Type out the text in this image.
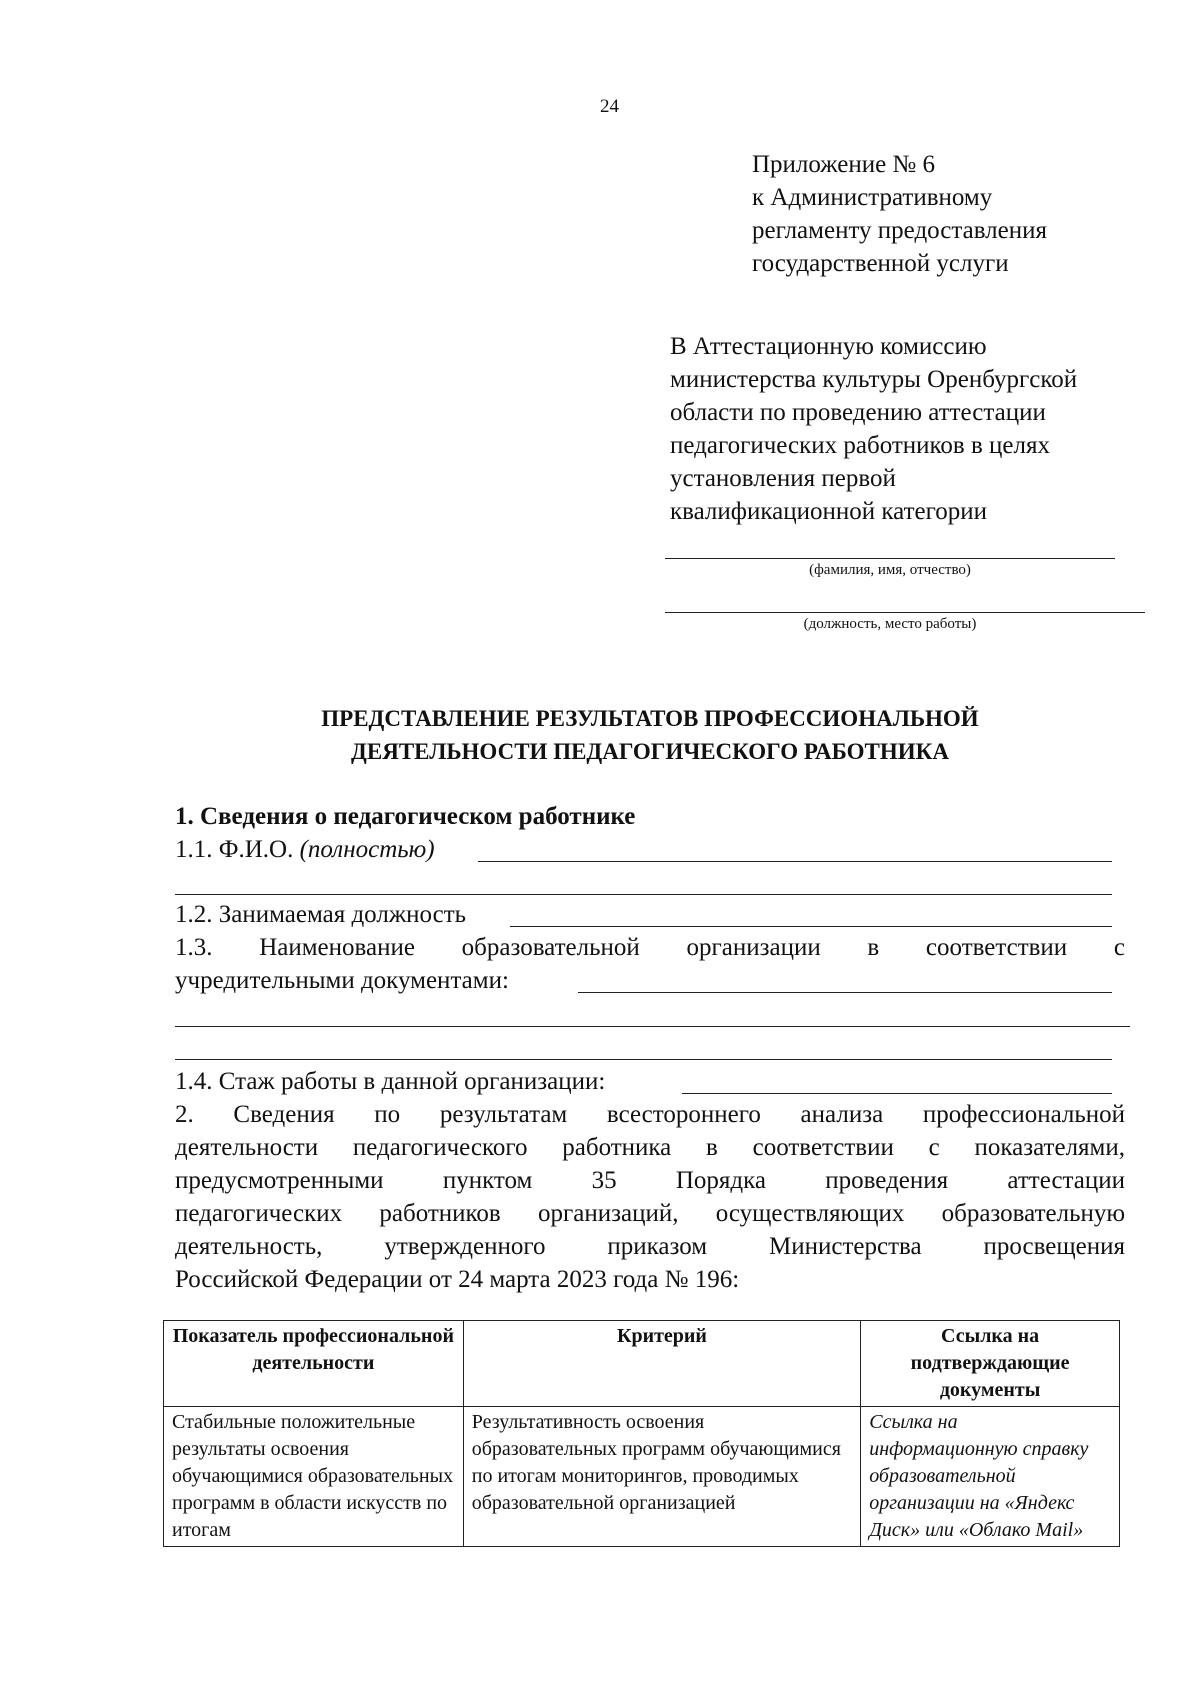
24
Приложение № 6
к Административному
регламенту предоставления
государственной услуги
В Аттестационную комиссию
министерства культуры Оренбургской
области по проведению аттестации
педагогических работников в целях
установления первой
квалификационной категории
(фамилия, имя, отчество)
(должность, место работы)
ПРЕДСТАВЛЕНИЕ РЕЗУЛЬТАТОВ ПРОФЕССИОНАЛЬНОЙ
ДЕЯТЕЛЬНОСТИ ПЕДАГОГИЧЕСКОГО РАБОТНИКА
1. Сведения о педагогическом работнике
1.1. Ф.И.О. (полностью)
1.2. Занимаемая должность
1.3. Наименование образовательной организации в соответствии с
учредительными документами:
1.4. Стаж работы в данной организации:
2. Сведения по результатам всестороннего анализа профессиональной
деятельности педагогического работника в соответствии с показателями,
предусмотренными пунктом 35 Порядка проведения аттестации
педагогических работников организаций, осуществляющих образовательную
деятельность, утвержденного приказом Министерства просвещения
Российской Федерации от 24 марта 2023 года № 196:
Показатель профессиональной деятельности	Критерий	Ссылка на подтверждающие документы
Стабильные положительные результаты освоения обучающимися образовательных программ в области искусств по итогам	Результативность освоения образовательных программ обучающимися по итогам мониторингов, проводимых образовательной организацией	Ссылка на информационную справку образовательной организации на «Яндекс Диск» или «Облако Mail»
